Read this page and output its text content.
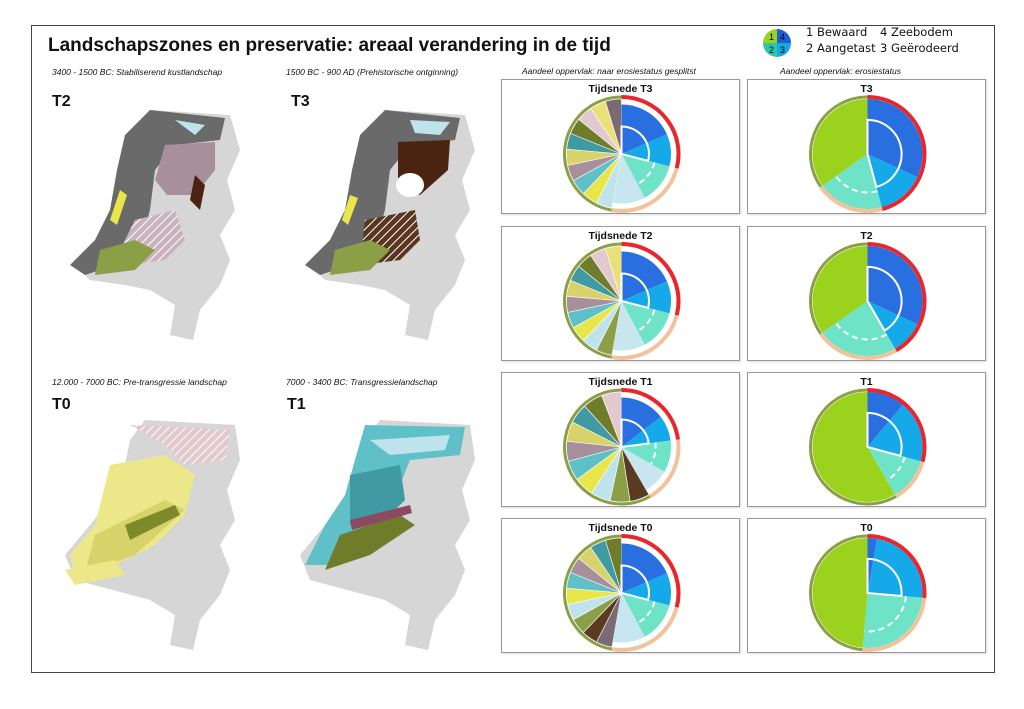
Landschapszones en preservatie: areaal verandering in de tijd	1 4
2 3
1 Bewaard 4 Zeebodem
2 Aangetast 3 Geërodeerd
3400 - 1500 BC: Stabiliserend kustlandschap	1500 BC - 900 AD (Prehistorische ontginning)
12.000 - 7000 BC: Pre-transgressie landschap	7000 - 3400 BC: Transgressielandschap
T2	T3
T0	T1
Aandeel oppervlak: naar erosiestatus gesplitst	Aandeel oppervlak: erosiestatus
Tijdsnede T3
Tijdsnede T2
Tijdsnede T1
Tijdsnede T0
T3
T2
T1
T0
